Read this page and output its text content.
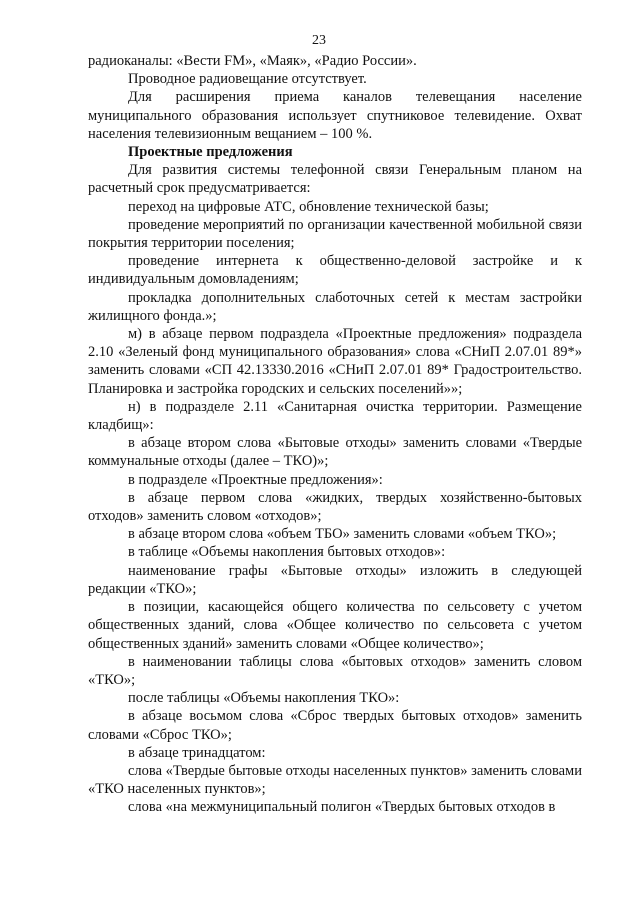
23

радиоканалы: «Вести FM», «Маяк», «Радио России».

Проводное радиовещание отсутствует.

Для расширения приема каналов телевещания население муниципального образования использует спутниковое телевидение. Охват населения телевизионным вещанием – 100 %.

Проектные предложения

Для развития системы телефонной связи Генеральным планом на расчетный срок предусматривается:

переход на цифровые АТС, обновление технической базы;

проведение мероприятий по организации качественной мобильной связи покрытия территории поселения;

проведение интернета к общественно-деловой застройке и к индивидуальным домовладениям;

прокладка дополнительных слаботочных сетей к местам застройки жилищного фонда.»;

м) в абзаце первом подраздела «Проектные предложения» подраздела 2.10 «Зеленый фонд муниципального образования» слова «СНиП 2.07.01 89*» заменить словами «СП 42.13330.2016 «СНиП 2.07.01 89* Градостроительство. Планировка и застройка городских и сельских поселений»»;

н) в подразделе 2.11 «Санитарная очистка территории. Размещение кладбищ»:

в абзаце втором слова «Бытовые отходы» заменить словами «Твердые коммунальные отходы (далее – ТКО)»;

в подразделе «Проектные предложения»:

в абзаце первом слова «жидких, твердых хозяйственно-бытовых отходов» заменить словом «отходов»;

в абзаце втором слова «объем ТБО» заменить словами «объем ТКО»;

в таблице «Объемы накопления бытовых отходов»:

наименование графы «Бытовые отходы» изложить в следующей редакции «ТКО»;

в позиции, касающейся общего количества по сельсовету с учетом общественных зданий, слова «Общее количество по сельсовета с учетом общественных зданий» заменить словами «Общее количество»;

в наименовании таблицы слова «бытовых отходов» заменить словом «ТКО»;

после таблицы «Объемы накопления ТКО»:

в абзаце восьмом слова «Сброс твердых бытовых отходов» заменить словами «Сброс ТКО»;

в абзаце тринадцатом:

слова «Твердые бытовые отходы населенных пунктов» заменить словами «ТКО населенных пунктов»;

слова «на межмуниципальный полигон «Твердых бытовых отходов в
